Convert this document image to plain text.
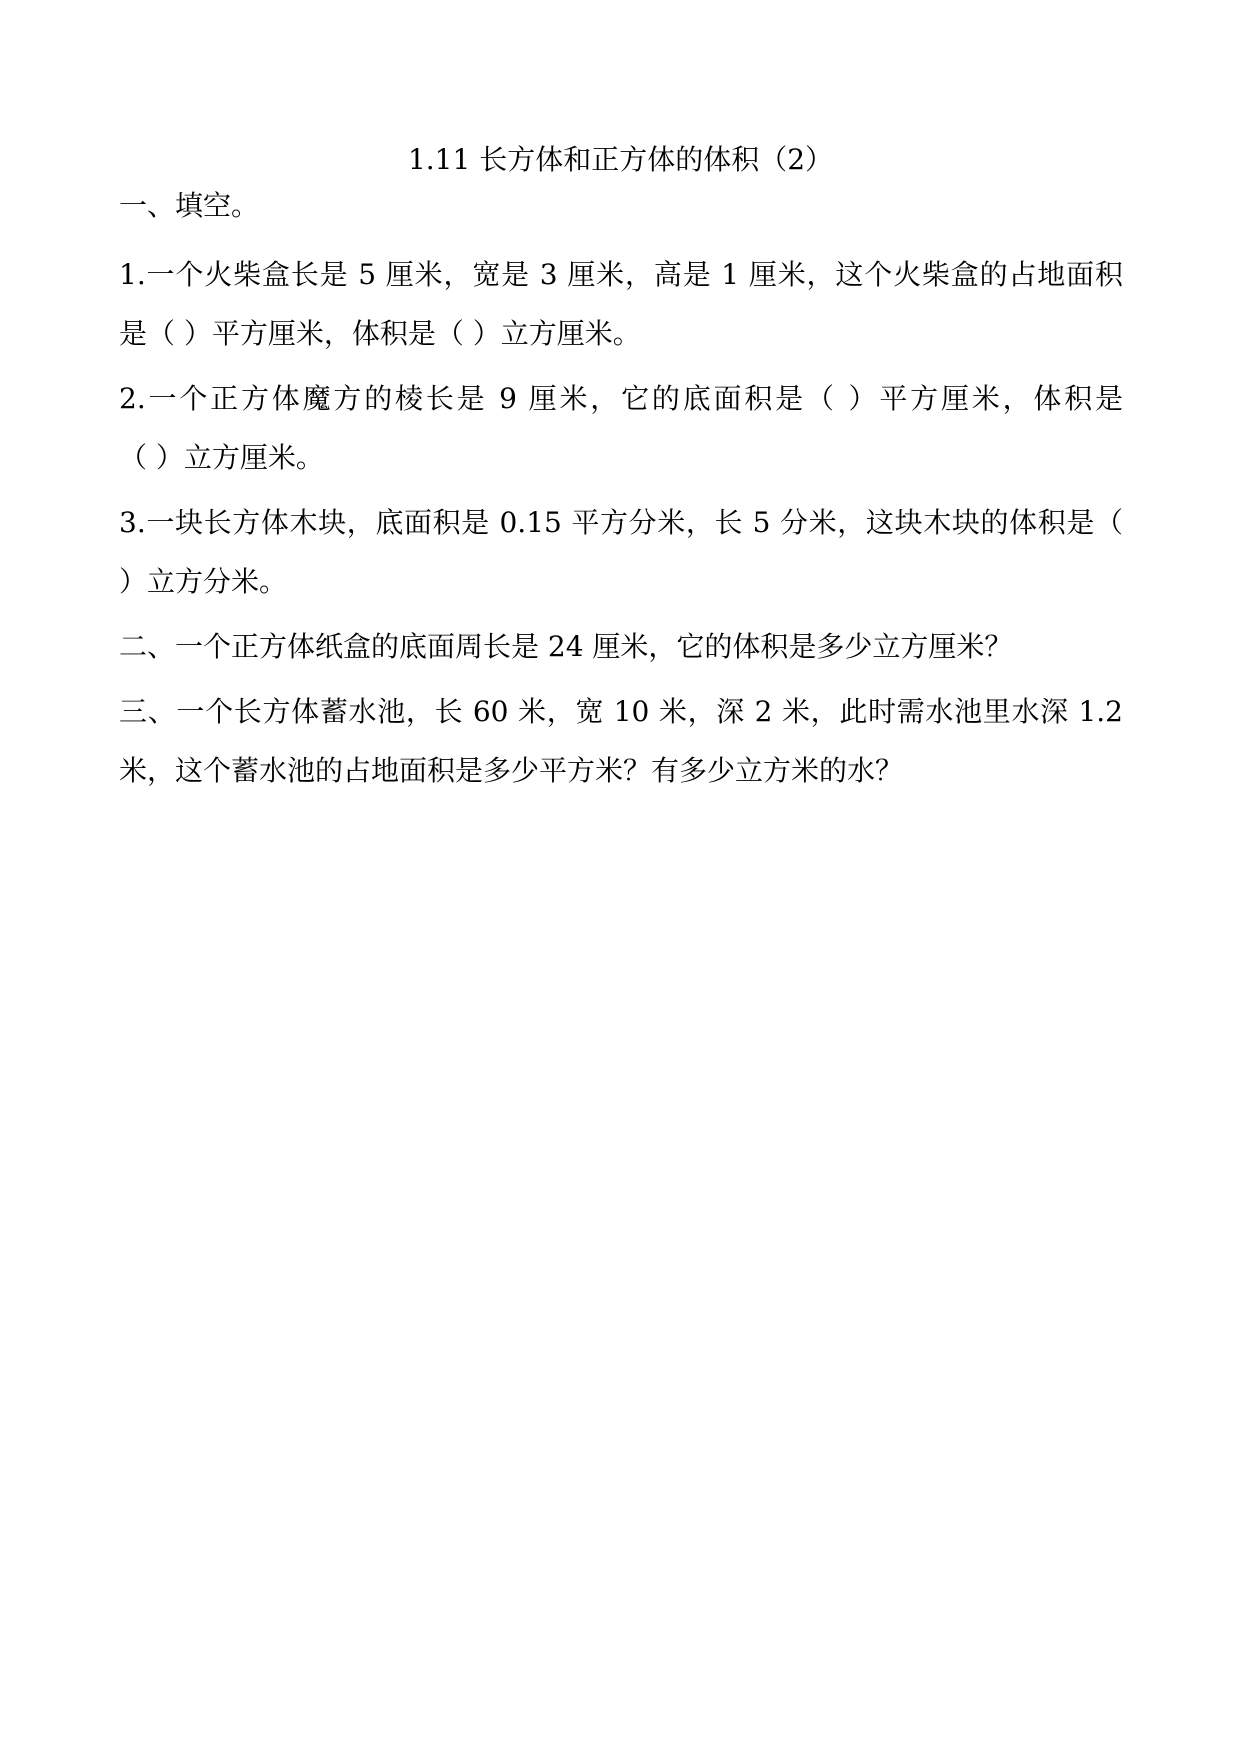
1.11 长方体和正方体的体积（2）
一、填空。
1.一个火柴盒长是 5 厘米，宽是 3 厘米，高是 1 厘米，这个火柴盒的占地面积
是（ ）平方厘米，体积是（ ）立方厘米。
2.一个正方体魔方的棱长是 9 厘米，它的底面积是（ ）平方厘米，体积是
（ ）立方厘米。
3.一块长方体木块，底面积是 0.15 平方分米，长 5 分米，这块木块的体积是（
）立方分米。
二、一个正方体纸盒的底面周长是 24 厘米，它的体积是多少立方厘米？
三、一个长方体蓄水池，长 60 米，宽 10 米，深 2 米，此时需水池里水深 1.2
米，这个蓄水池的占地面积是多少平方米？有多少立方米的水？
